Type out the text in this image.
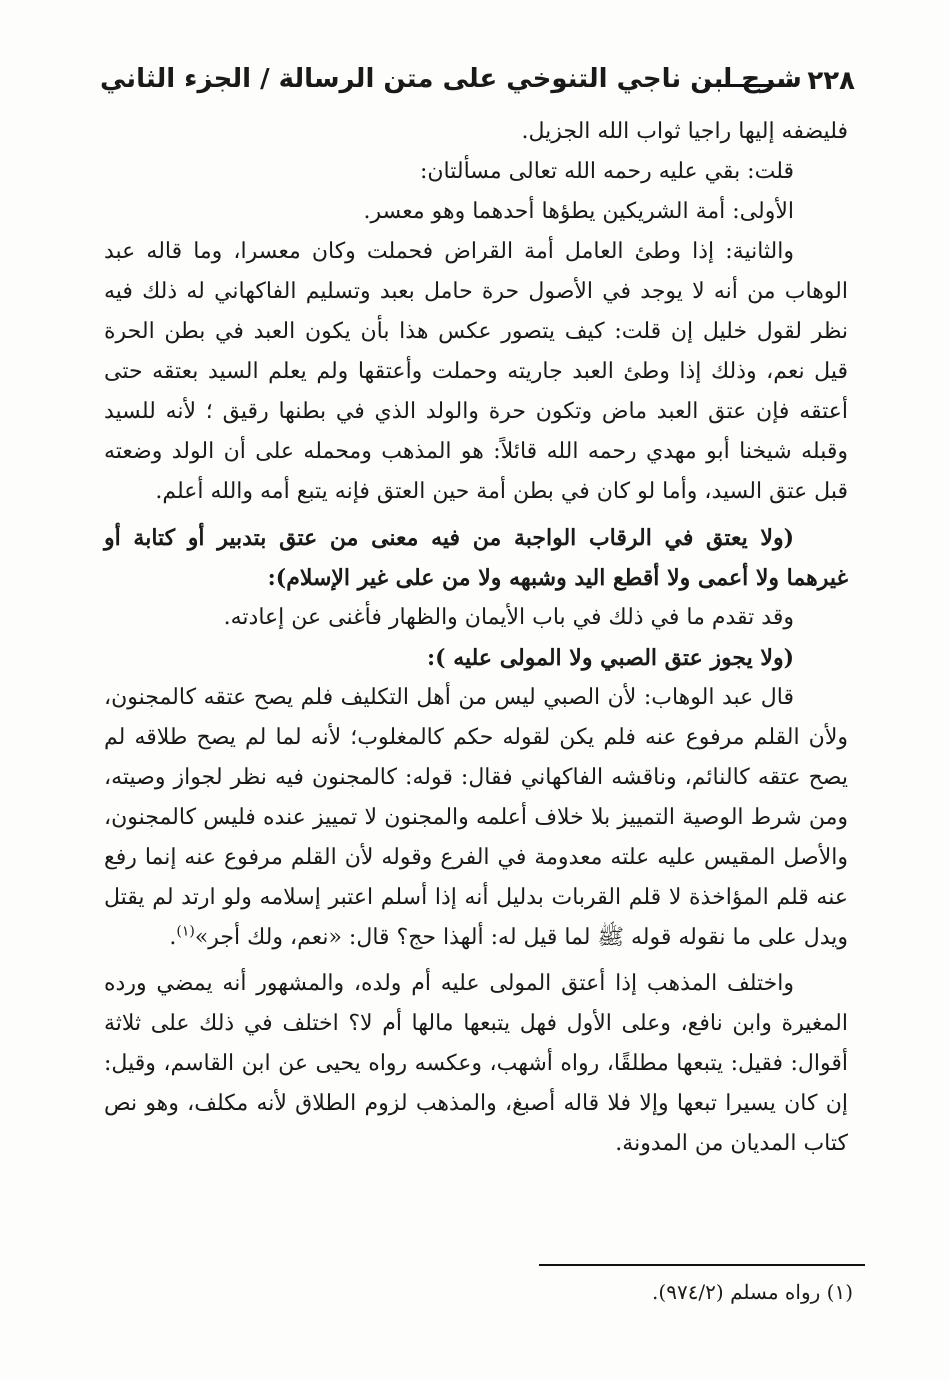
٢٢٨
شرح ابن ناجي التنوخي على متن الرسالة / الجزء الثاني

فليضفه إليها راجيا ثواب الله الجزيل.

قلت: بقي عليه رحمه الله تعالى مسألتان:

الأولى: أمة الشريكين يطؤها أحدهما وهو معسر.

والثانية: إذا وطئ العامل أمة القراض فحملت وكان معسرا، وما قاله عبد الوهاب من أنه لا يوجد في الأصول حرة حامل بعبد وتسليم الفاكهاني له ذلك فيه نظر لقول خليل إن قلت: كيف يتصور عكس هذا بأن يكون العبد في بطن الحرة قيل نعم، وذلك إذا وطئ العبد جاريته وحملت وأعتقها ولم يعلم السيد بعتقه حتى أعتقه فإن عتق العبد ماض وتكون حرة والولد الذي في بطنها رقيق ؛ لأنه للسيد وقبله شيخنا أبو مهدي رحمه الله قائلاً: هو المذهب ومحمله على أن الولد وضعته قبل عتق السيد، وأما لو كان في بطن أمة حين العتق فإنه يتبع أمه والله أعلم.

(ولا يعتق في الرقاب الواجبة من فيه معنى من عتق بتدبير أو كتابة أو غيرهما ولا أعمى ولا أقطع اليد وشبهه ولا من على غير الإسلام):

وقد تقدم ما في ذلك في باب الأيمان والظهار فأغنى عن إعادته.

(ولا يجوز عتق الصبي ولا المولى عليه ):

قال عبد الوهاب: لأن الصبي ليس من أهل التكليف فلم يصح عتقه كالمجنون، ولأن القلم مرفوع عنه فلم يكن لقوله حكم كالمغلوب؛ لأنه لما لم يصح طلاقه لم يصح عتقه كالنائم، وناقشه الفاكهاني فقال: قوله: كالمجنون فيه نظر لجواز وصيته، ومن شرط الوصية التمييز بلا خلاف أعلمه والمجنون لا تمييز عنده فليس كالمجنون، والأصل المقيس عليه علته معدومة في الفرع وقوله لأن القلم مرفوع عنه إنما رفع عنه قلم المؤاخذة لا قلم القربات بدليل أنه إذا أسلم اعتبر إسلامه ولو ارتد لم يقتل ويدل على ما نقوله قوله ﷺ لما قيل له: ألهذا حج؟ قال: «نعم، ولك أجر»$^{(١)}$.

واختلف المذهب إذا أعتق المولى عليه أم ولده، والمشهور أنه يمضي ورده المغيرة وابن نافع، وعلى الأول فهل يتبعها مالها أم لا؟ اختلف في ذلك على ثلاثة أقوال: فقيل: يتبعها مطلقًا، رواه أشهب، وعكسه رواه يحيى عن ابن القاسم، وقيل: إن كان يسيرا تبعها وإلا فلا قاله أصبغ، والمذهب لزوم الطلاق لأنه مكلف، وهو نص كتاب المديان من المدونة.

(١) رواه مسلم (٩٧٤/٢).
